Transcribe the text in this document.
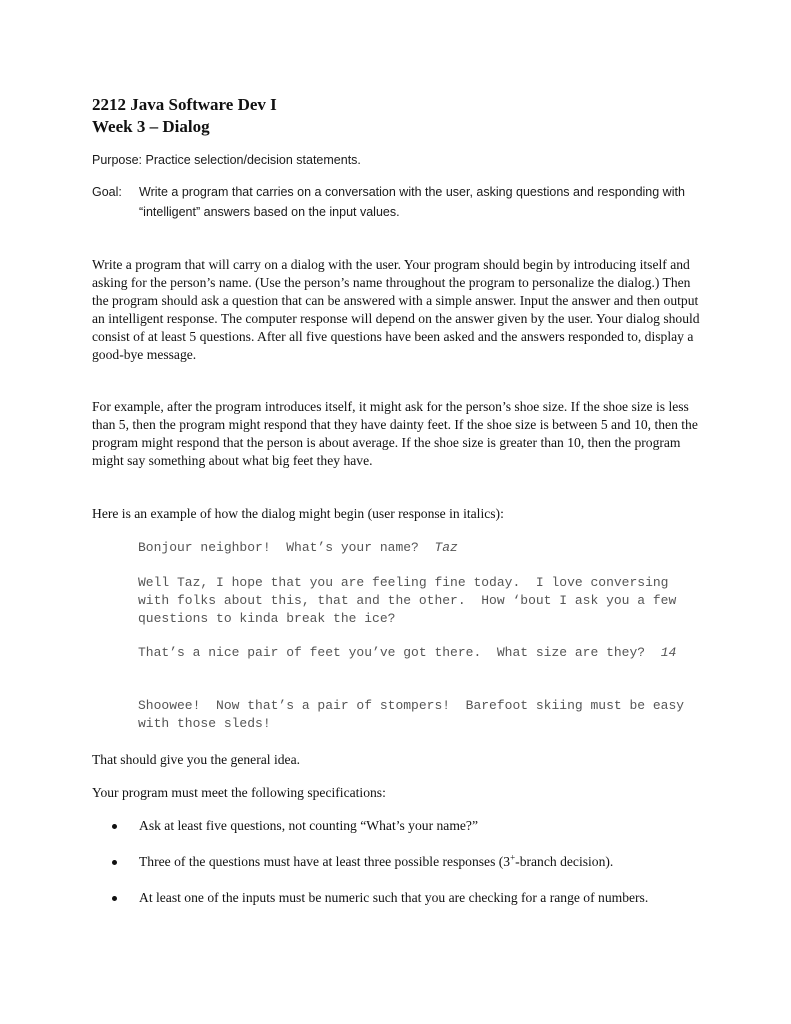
2212 Java Software Dev I
Week 3 – Dialog
Purpose: Practice selection/decision statements.
Goal: Write a program that carries on a conversation with the user, asking questions and responding with “intelligent” answers based on the input values.
Write a program that will carry on a dialog with the user. Your program should begin by introducing itself and asking for the person’s name. (Use the person’s name throughout the program to personalize the dialog.) Then the program should ask a question that can be answered with a simple answer. Input the answer and then output an intelligent response. The computer response will depend on the answer given by the user. Your dialog should consist of at least 5 questions. After all five questions have been asked and the answers responded to, display a good-bye message.
For example, after the program introduces itself, it might ask for the person’s shoe size. If the shoe size is less than 5, then the program might respond that they have dainty feet. If the shoe size is between 5 and 10, then the program might respond that the person is about average. If the shoe size is greater than 10, then the program might say something about what big feet they have.
Here is an example of how the dialog might begin (user response in italics):
Bonjour neighbor!  What’s your name?  Taz
Well Taz, I hope that you are feeling fine today.  I love conversing with folks about this, that and the other.  How ‘bout I ask you a few questions to kinda break the ice?
That’s a nice pair of feet you’ve got there.  What size are they?  14
Shoowee!  Now that’s a pair of stompers!  Barefoot skiing must be easy with those sleds!
That should give you the general idea.
Your program must meet the following specifications:
Ask at least five questions, not counting “What’s your name?”
Three of the questions must have at least three possible responses (3+-branch decision).
At least one of the inputs must be numeric such that you are checking for a range of numbers.
